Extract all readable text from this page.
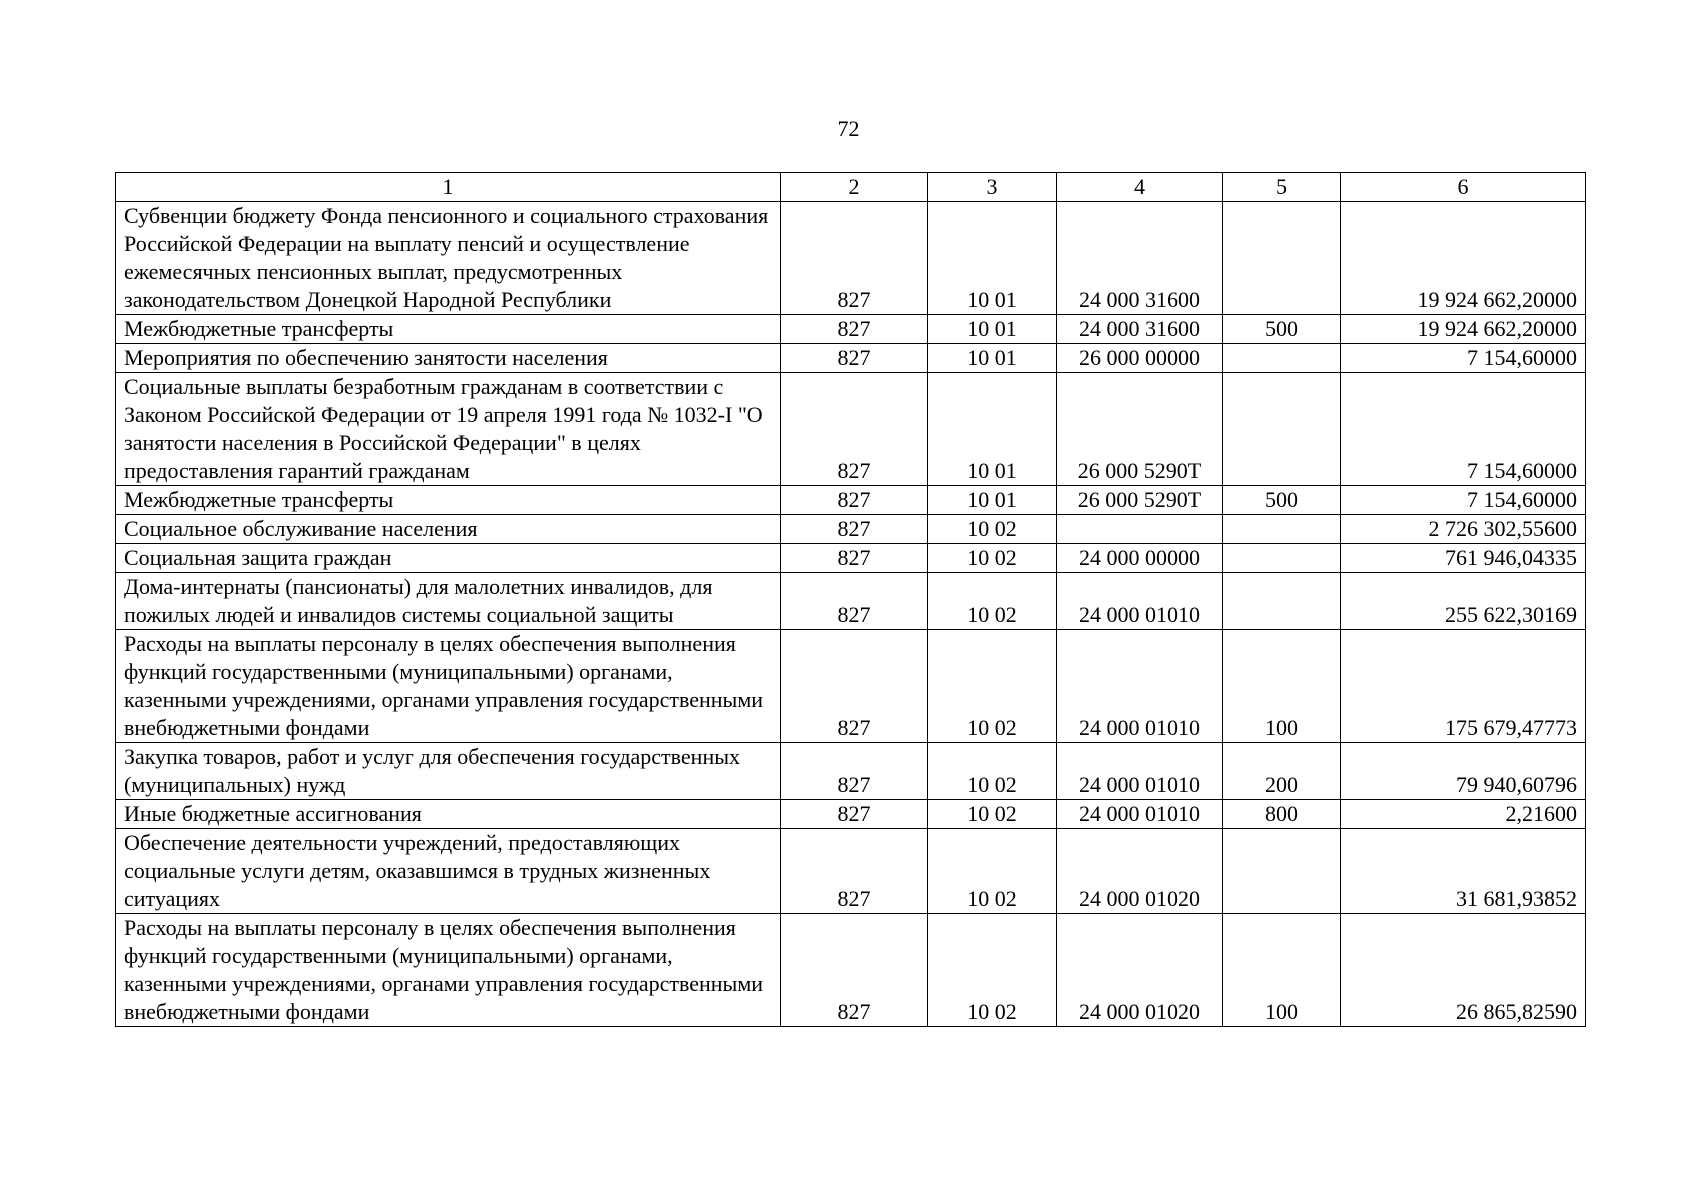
72
1	2	3	4	5	6
Субвенции бюджету Фонда пенсионного и социального страхования Российской Федерации на выплату пенсий и осуществление ежемесячных пенсионных выплат, предусмотренных законодательством Донецкой Народной Республики	827	10 01	24 000 31600		19 924 662,20000
Межбюджетные трансферты	827	10 01	24 000 31600	500	19 924 662,20000
Мероприятия по обеспечению занятости населения	827	10 01	26 000 00000		7 154,60000
Социальные выплаты безработным гражданам в соответствии с Законом Российской Федерации от 19 апреля 1991 года № 1032-I "О занятости населения в Российской Федерации" в целях предоставления гарантий гражданам	827	10 01	26 000 5290Т		7 154,60000
Межбюджетные трансферты	827	10 01	26 000 5290Т	500	7 154,60000
Социальное обслуживание населения	827	10 02			2 726 302,55600
Социальная защита граждан	827	10 02	24 000 00000		761 946,04335
Дома-интернаты (пансионаты) для малолетних инвалидов, для пожилых людей и инвалидов системы социальной защиты	827	10 02	24 000 01010		255 622,30169
Расходы на выплаты персоналу в целях обеспечения выполнения функций государственными (муниципальными) органами, казенными учреждениями, органами управления государственными внебюджетными фондами	827	10 02	24 000 01010	100	175 679,47773
Закупка товаров, работ и услуг для обеспечения государственных (муниципальных) нужд	827	10 02	24 000 01010	200	79 940,60796
Иные бюджетные ассигнования	827	10 02	24 000 01010	800	2,21600
Обеспечение деятельности учреждений, предоставляющих социальные услуги детям, оказавшимся в трудных жизненных ситуациях	827	10 02	24 000 01020		31 681,93852
Расходы на выплаты персоналу в целях обеспечения выполнения функций государственными (муниципальными) органами, казенными учреждениями, органами управления государственными внебюджетными фондами	827	10 02	24 000 01020	100	26 865,82590
